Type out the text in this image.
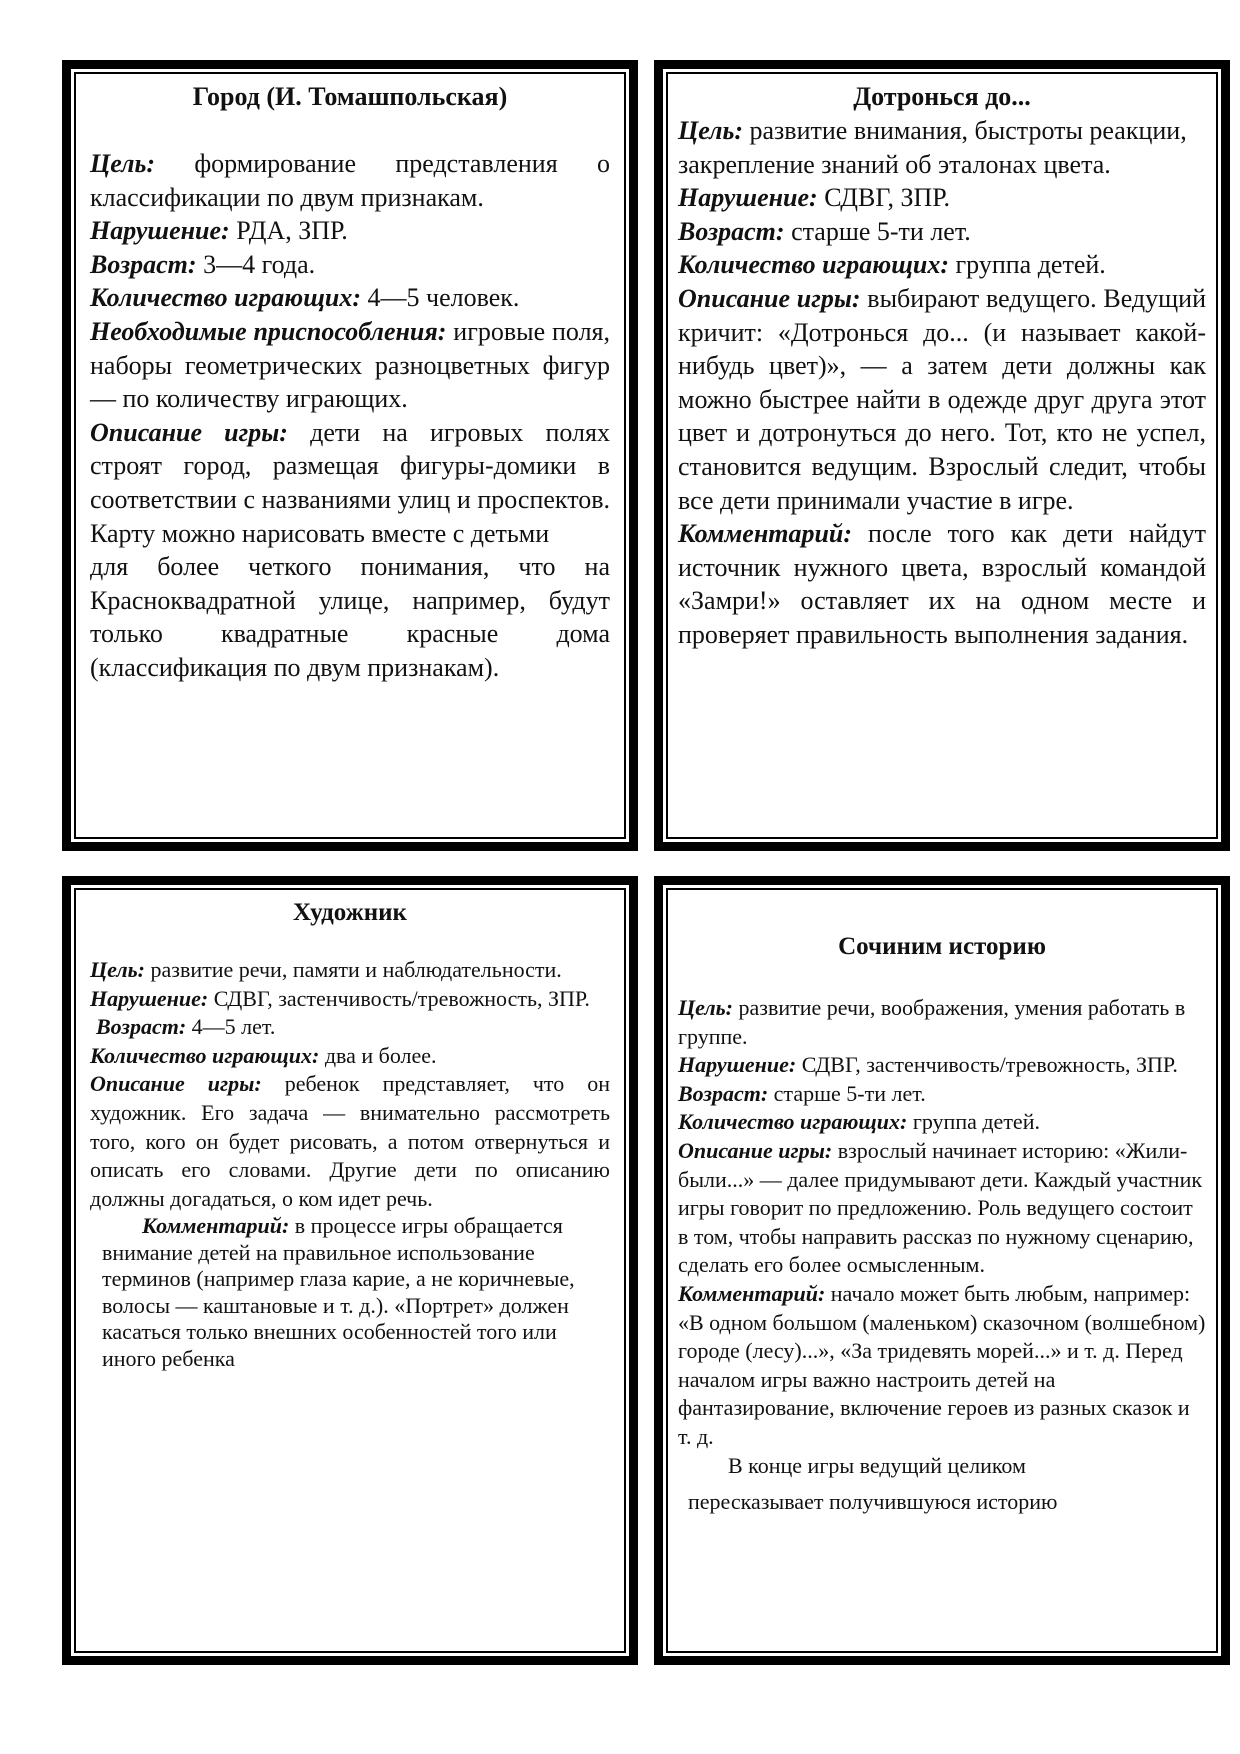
Город (И. Томашпольская)

Цель: формирование представления о классификации по двум признакам.

Нарушение: РДА, ЗПР.

Возраст: 3—4 года.

Количество играющих: 4—5 человек.

Необходимые приспособления: игровые поля, наборы геометрических разноцветных фигур — по количеству играющих.

Описание игры: дети на игровых полях строят город, размещая фигуры-домики в соответствии с названиями улиц и проспектов. Карту можно нарисовать вместе с детьми

для более четкого понимания, что на Красноквадратной улице, например, будут только квадратные красные дома (классификация по двум признакам).

Дотронься до...

Цель: развитие внимания, быстроты реакции, закрепление знаний об эталонах цвета.

Нарушение: СДВГ, ЗПР.

Возраст: старше 5-ти лет.

Количество играющих: группа детей.

Описание игры: выбирают ведущего. Ведущий кричит: «Дотронься до... (и называет какой-нибудь цвет)», — а затем дети должны как можно быстрее найти в одежде друг друга этот цвет и дотронуться до него. Тот, кто не успел, становится ведущим. Взрослый следит, чтобы все дети принимали участие в игре.

Комментарий: после того как дети найдут источник нужного цвета, взрослый командой «Замри!» оставляет их на одном месте и проверяет правильность выполнения задания.

Художник

Цель: развитие речи, памяти и наблюдательности.

Нарушение: СДВГ, застенчивость/тревожность, ЗПР.

Возраст: 4—5 лет.

Количество играющих: два и более.

Описание игры: ребенок представляет, что он художник. Его задача — внимательно рассмотреть того, кого он будет рисовать, а потом отвернуться и описать его словами. Другие дети по описанию должны догадаться, о ком идет речь.

Комментарий: в процессе игры обращается внимание детей на правильное использование терминов (например глаза карие, а не коричневые, волосы — каштановые и т. д.). «Портрет» должен касаться только внешних особенностей того или иного ребенка

Сочиним историю

Цель: развитие речи, воображения, умения работать в группе.

Нарушение: СДВГ, застенчивость/тревожность, ЗПР.

Возраст: старше 5-ти лет.

Количество играющих: группа детей.

Описание игры: взрослый начинает историю: «Жили-были...» — далее придумывают дети. Каждый участник игры говорит по предложению. Роль ведущего состоит в том, чтобы направить рассказ по нужному сценарию, сделать его более осмысленным.

Комментарий: начало может быть любым, например: «В одном большом (маленьком) сказочном (волшебном) городе (лесу)...», «За тридевять морей...» и т. д. Перед началом игры важно настроить детей на фантазирование, включение героев из разных сказок и т. д.

В конце игры ведущий целиком

пересказывает получившуюся историю
